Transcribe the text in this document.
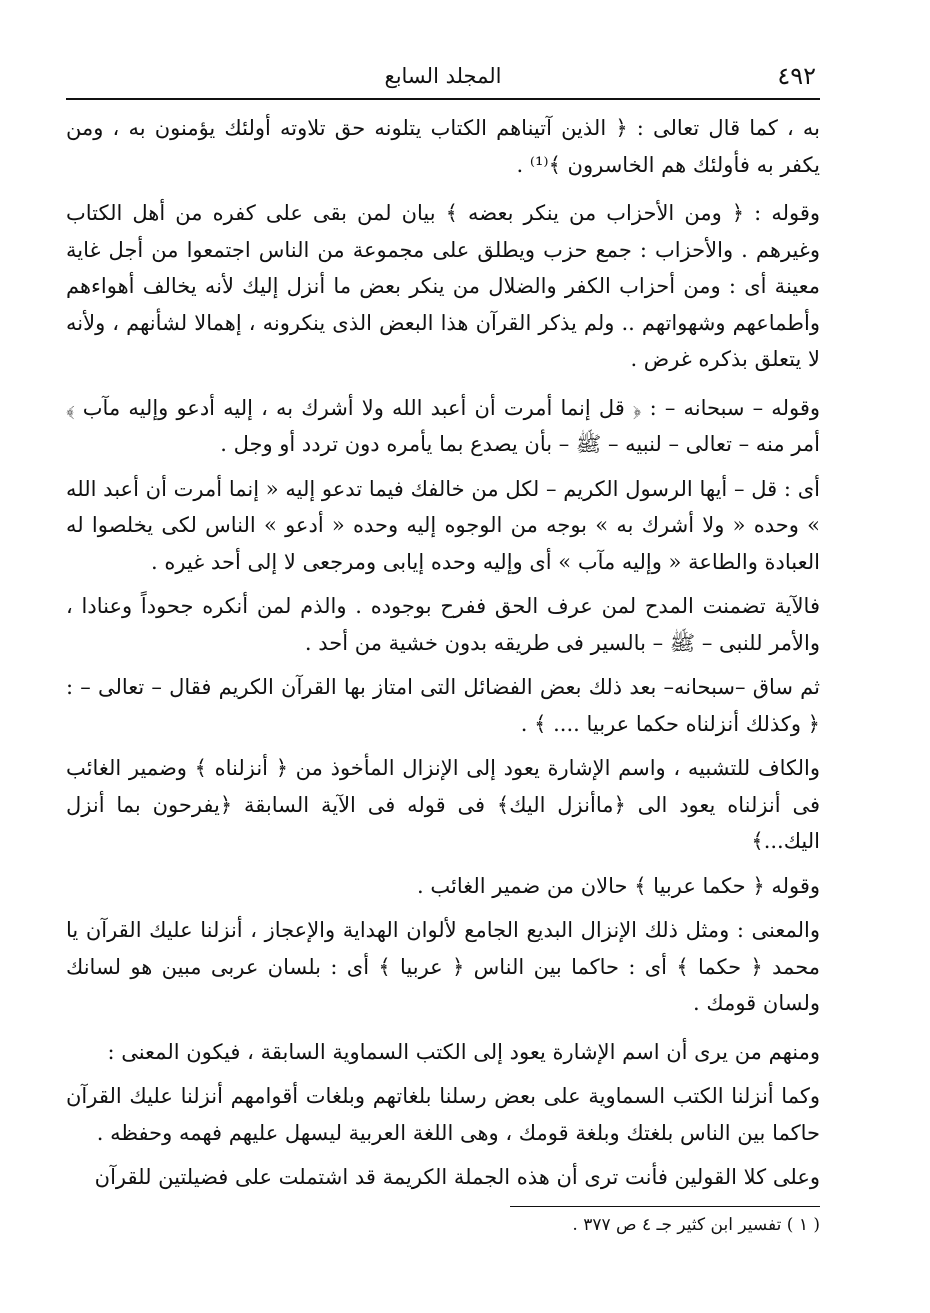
٤٩٢
المجلد السابع

به ، كما قال تعالى : ﴿ الذين آتيناهم الكتاب يتلونه حق تلاوته أولئك يؤمنون به ، ومن يكفر به فأولئك هم الخاسرون ﴾⁽¹⁾ .

وقوله : ﴿ ومن الأحزاب من ينكر بعضه ﴾ بيان لمن بقى على كفره من أهل الكتاب وغيرهم . والأحزاب : جمع حزب ويطلق على مجموعة من الناس اجتمعوا من أجل غاية معينة أى : ومن أحزاب الكفر والضلال من ينكر بعض ما أنزل إليك لأنه يخالف أهواءهم وأطماعهم وشهواتهم .. ولم يذكر القرآن هذا البعض الذى ينكرونه ، إهمالا لشأنهم ، ولأنه لا يتعلق بذكره غرض .

وقوله – سبحانه – : ﴿ قل إنما أمرت أن أعبد الله ولا أشرك به ، إليه أدعو وإليه مآب ﴾ أمر منه – تعالى – لنبيه – ﷺ – بأن يصدع بما يأمره دون تردد أو وجل .

أى : قل – أيها الرسول الكريم – لكل من خالفك فيما تدعو إليه « إنما أمرت أن أعبد الله » وحده « ولا أشرك به » بوجه من الوجوه إليه وحده « أدعو » الناس لكى يخلصوا له العبادة والطاعة « وإليه مآب » أى وإليه وحده إيابى ومرجعى لا إلى أحد غيره .

فالآية تضمنت المدح لمن عرف الحق ففرح بوجوده . والذم لمن أنكره جحوداً وعنادا ، والأمر للنبى – ﷺ – بالسير فى طريقه بدون خشية من أحد .

ثم ساق –سبحانه– بعد ذلك بعض الفضائل التى امتاز بها القرآن الكريم فقال – تعالى – : ﴿ وكذلك أنزلناه حكما عربيا .... ﴾ .

والكاف للتشبيه ، واسم الإشارة يعود إلى الإنزال المأخوذ من ﴿ أنزلناه ﴾ وضمير الغائب فى أنزلناه يعود الى ﴿ماأنزل اليك﴾ فى قوله فى الآية السابقة ﴿يفرحون بما أنزل اليك...﴾

وقوله ﴿ حكما عربيا ﴾ حالان من ضمير الغائب .

والمعنى : ومثل ذلك الإنزال البديع الجامع لألوان الهداية والإعجاز ، أنزلنا عليك القرآن يا محمد ﴿ حكما ﴾ أى : حاكما بين الناس ﴿ عربيا ﴾ أى : بلسان عربى مبين هو لسانك ولسان قومك .

ومنهم من يرى أن اسم الإشارة يعود إلى الكتب السماوية السابقة ، فيكون المعنى :

وكما أنزلنا الكتب السماوية على بعض رسلنا بلغاتهم وبلغات أقوامهم أنزلنا عليك القرآن حاكما بين الناس بلغتك وبلغة قومك ، وهى اللغة العربية ليسهل عليهم فهمه وحفظه .

وعلى كلا القولين فأنت ترى أن هذه الجملة الكريمة قد اشتملت على فضيلتين للقرآن

( ١ ) تفسير ابن كثير جـ ٤ ص ٣٧٧ .
